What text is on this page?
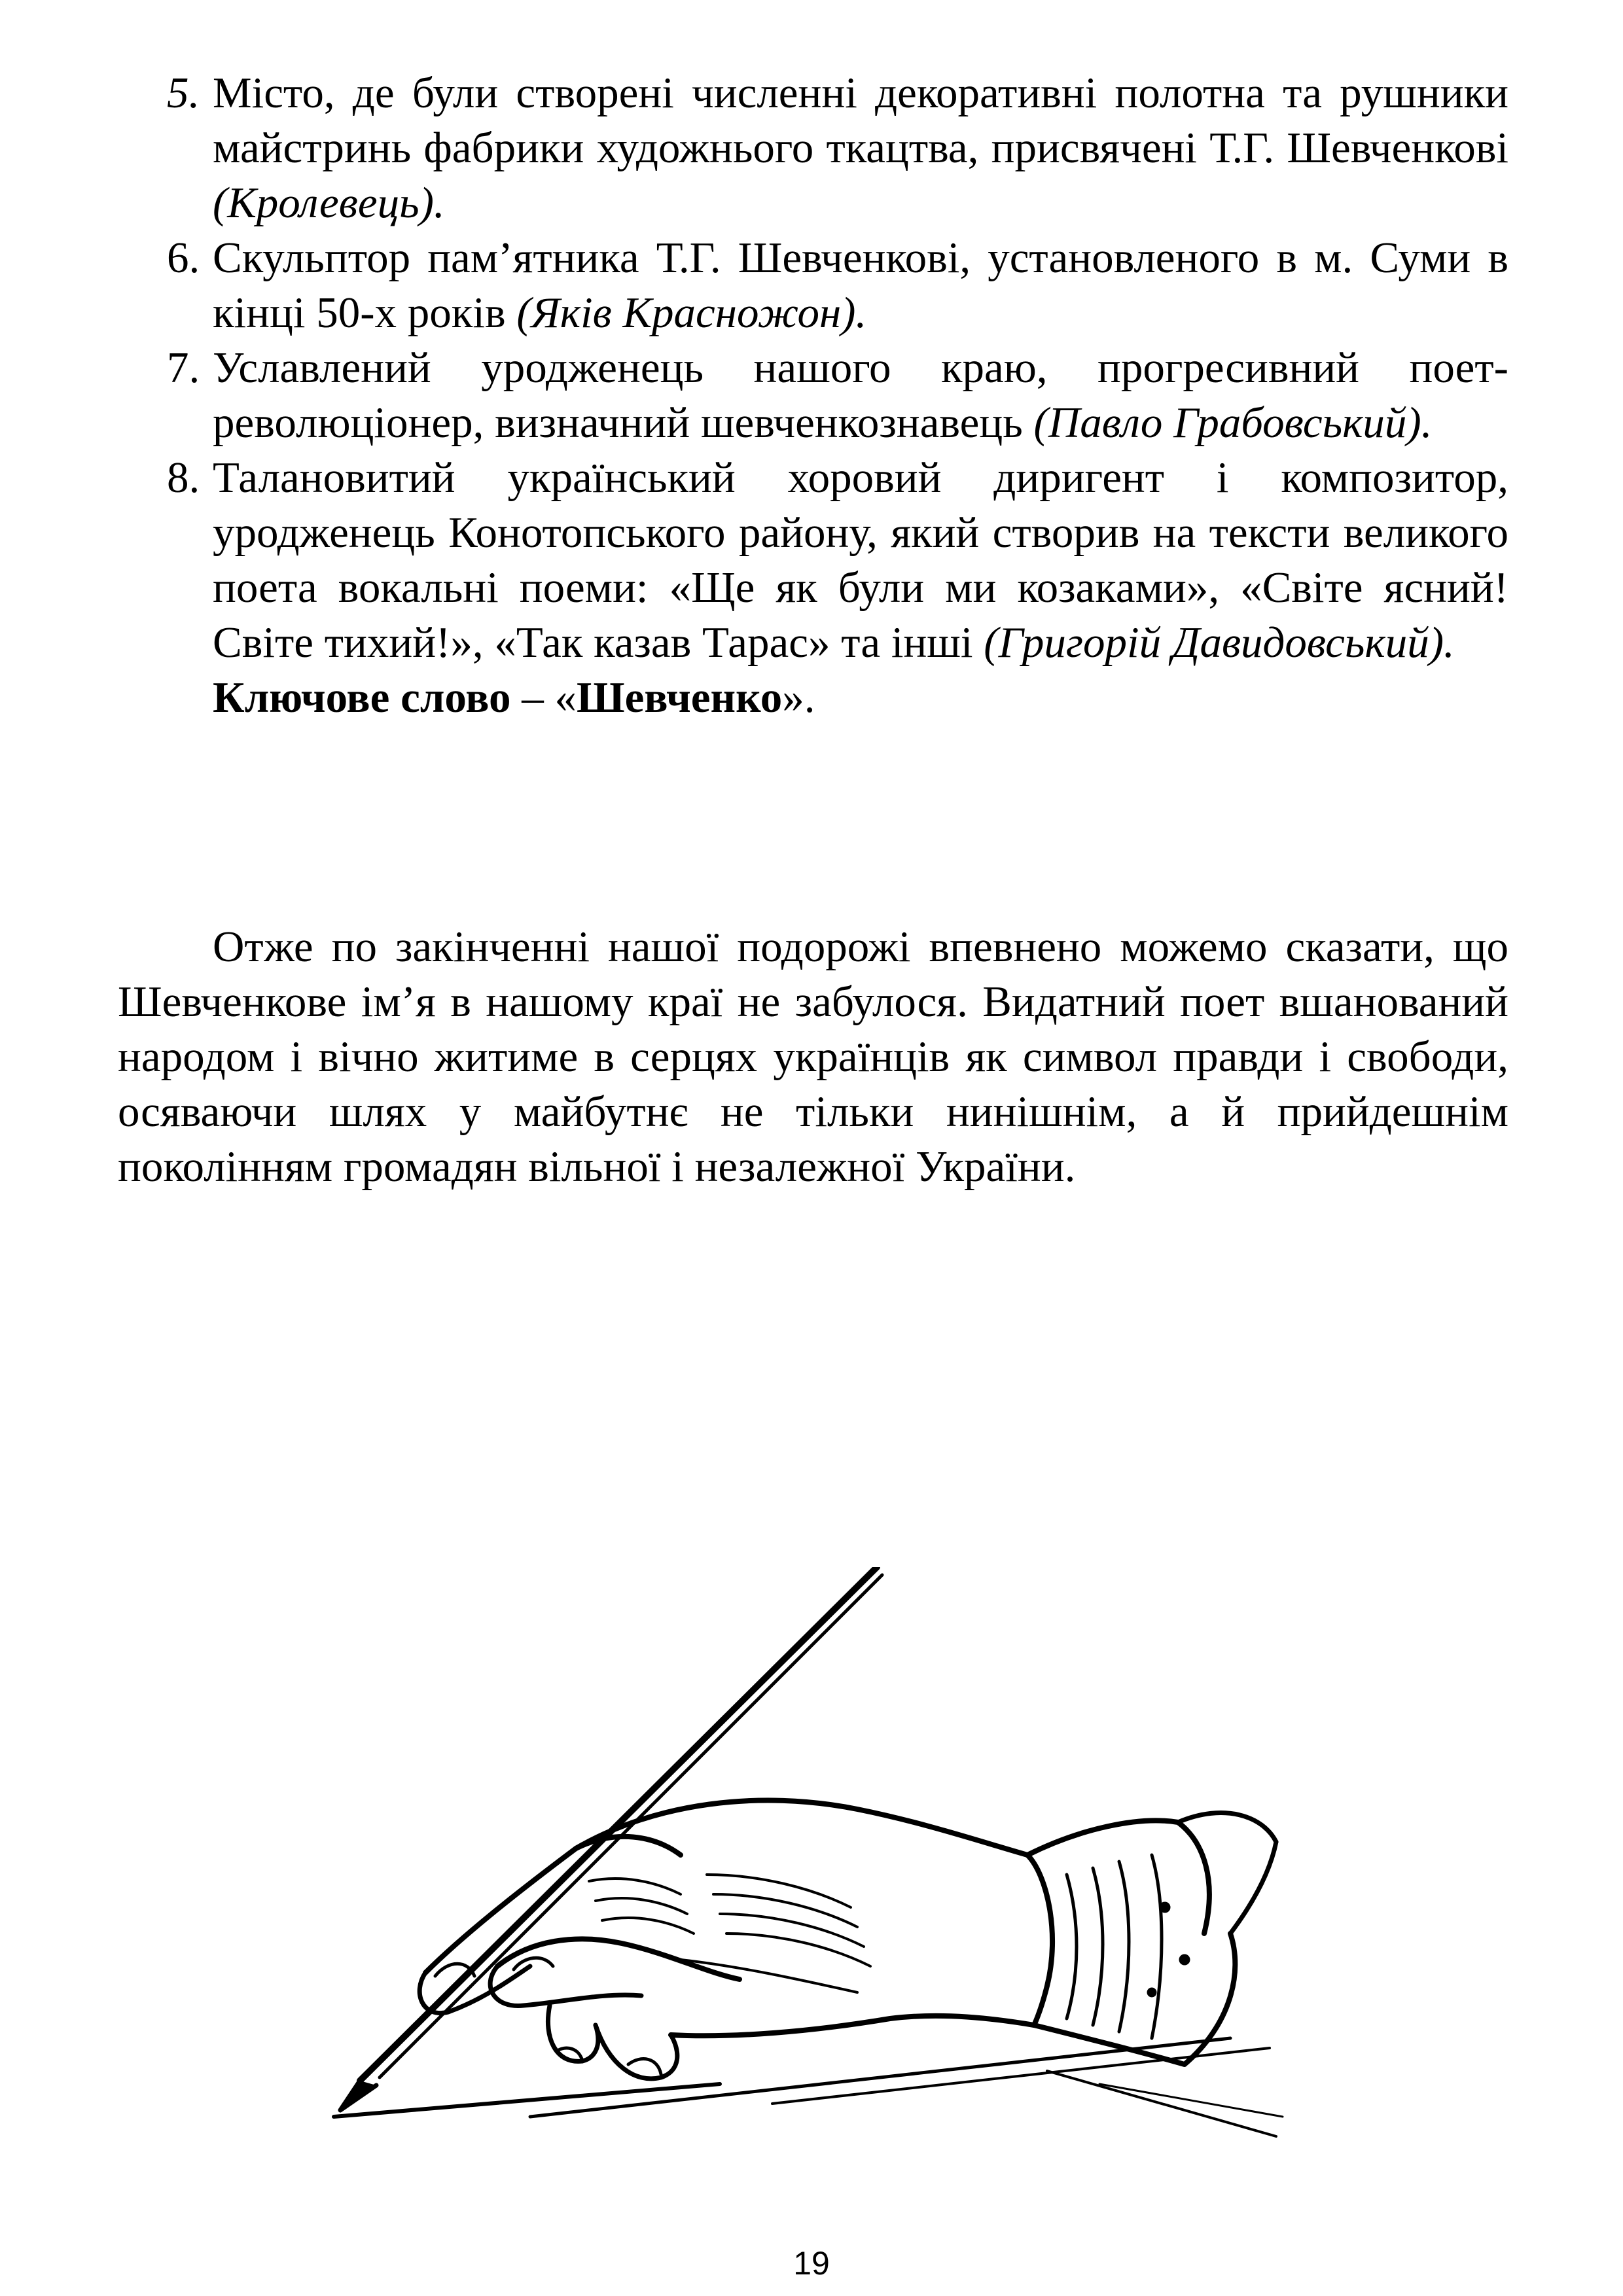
5. Місто, де були створені численні декоративні полотна та рушники майстринь фабрики художнього ткацтва, присвячені Т.Г. Шевченкові (Кролевець).
6. Скульптор пам’ятника Т.Г. Шевченкові, установленого в м. Суми в кінці 50-х років (Яків Красножон).
7. Уславлений уродженець нашого краю, прогресивний поет-революціонер, визначний шевченкознавець (Павло Грабовський).
8. Талановитий український хоровий диригент і композитор, уродженець Конотопського району, який створив на тексти великого поета вокальні поеми: «Ще як були ми козаками», «Світе ясний! Світе тихий!», «Так казав Тарас» та інші (Григорій Давидовський).
Ключове слово – «Шевченко».

Отже по закінченні нашої подорожі впевнено можемо сказати, що Шевченкове ім’я в нашому краї не забулося. Видатний поет вшанований народом і вічно житиме в серцях українців як символ правди і свободи, осяваючи шлях у майбутнє не тільки нинішнім, а й прийдешнім поколінням громадян вільної і незалежної України.

19
